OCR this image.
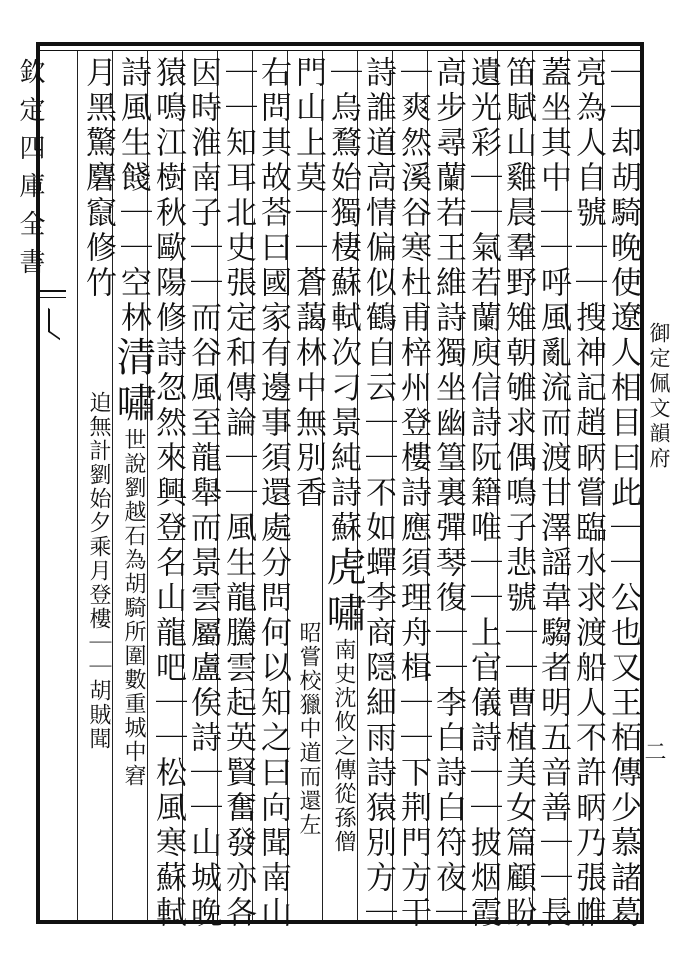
欽定四庫全書
御定佩文韻府
二
｜｜却胡騎晚使遼人相目曰此｜｜公也又王栢傳少慕諸葛
亮為人自號｜｜搜神記趙昞嘗臨水求渡船人不許昞乃張帷
蓋坐其中｜｜呼風亂流而渡甘澤謡韋騶者明五音善｜｜長
笛賦山雞晨羣野雉朝雊求偶鳴子悲號｜｜曹植美女篇顧盼
遺光彩｜｜氣若蘭庾信詩阮籍唯｜｜上官儀詩｜｜披烟霞
高步尋蘭若王維詩獨坐幽篁裏彈琴復｜｜李白詩白符夜｜
｜爽然溪谷寒杜甫梓州登樓詩應須理舟楫｜｜下荆門方干
詩誰道高情偏似鶴自云｜｜不如蟬李商隠細雨詩猿別方｜
｜烏鶩始獨棲蘇軾次刁景純詩蘇虎嘯南史沈攸之傳從孫僧
門山上莫｜｜蒼藹林中無別香昭嘗校獵中道而還左
右問其故荅曰國家有邊事須還處分問何以知之曰向聞南山
｜｜知耳北史張定和傳論｜｜風生龍騰雲起英賢奮發亦各
因時淮南子｜｜而谷風至龍舉而景雲屬盧俟詩｜｜山城晚
猿鳴江樹秋歐陽修詩忽然來興登名山龍吧｜｜松風寒蘇軾
詩風生餞｜｜空林清嘯世說劉越石為胡騎所圍數重城中窘
月黑驚麏竄修竹迫無計劉始夕乘月登樓｜｜胡賊聞
